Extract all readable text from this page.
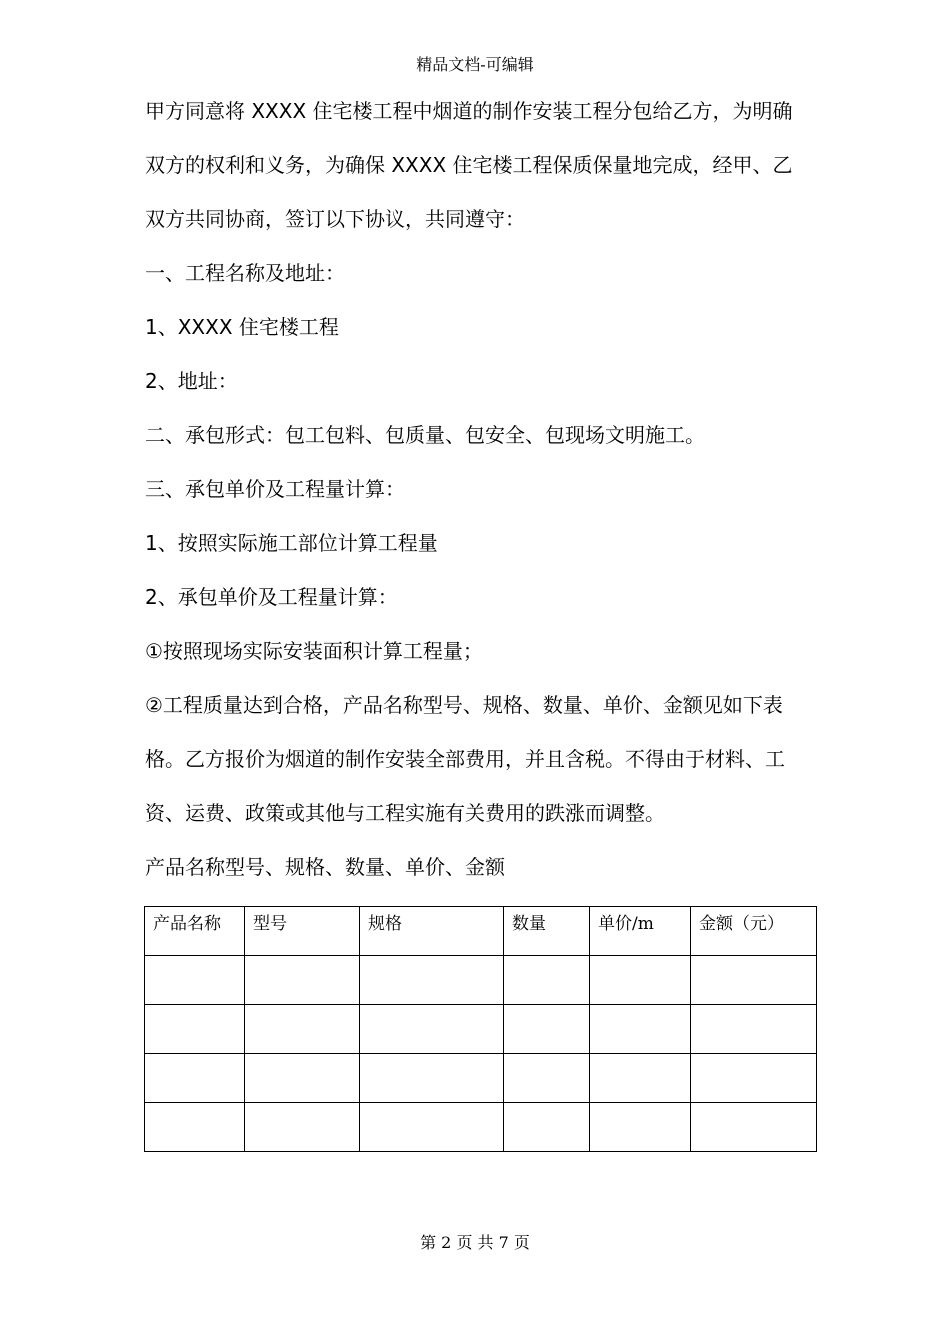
精品文档-可编辑
甲方同意将 XXXX 住宅楼工程中烟道的制作安装工程分包给乙方，为明确
双方的权利和义务，为确保 XXXX 住宅楼工程保质保量地完成，经甲、乙
双方共同协商，签订以下协议，共同遵守：
一、工程名称及地址：
1、XXXX 住宅楼工程
2、地址：
二、承包形式：包工包料、包质量、包安全、包现场文明施工。
三、承包单价及工程量计算：
1、按照实际施工部位计算工程量
2、承包单价及工程量计算：
①按照现场实际安装面积计算工程量；
②工程质量达到合格，产品名称型号、规格、数量、单价、金额见如下表
格。乙方报价为烟道的制作安装全部费用，并且含税。不得由于材料、工
资、运费、政策或其他与工程实施有关费用的跌涨而调整。
产品名称型号、规格、数量、单价、金额
产品名称	型号	规格	数量	单价/m	金额（元）

第 2 页 共 7 页
